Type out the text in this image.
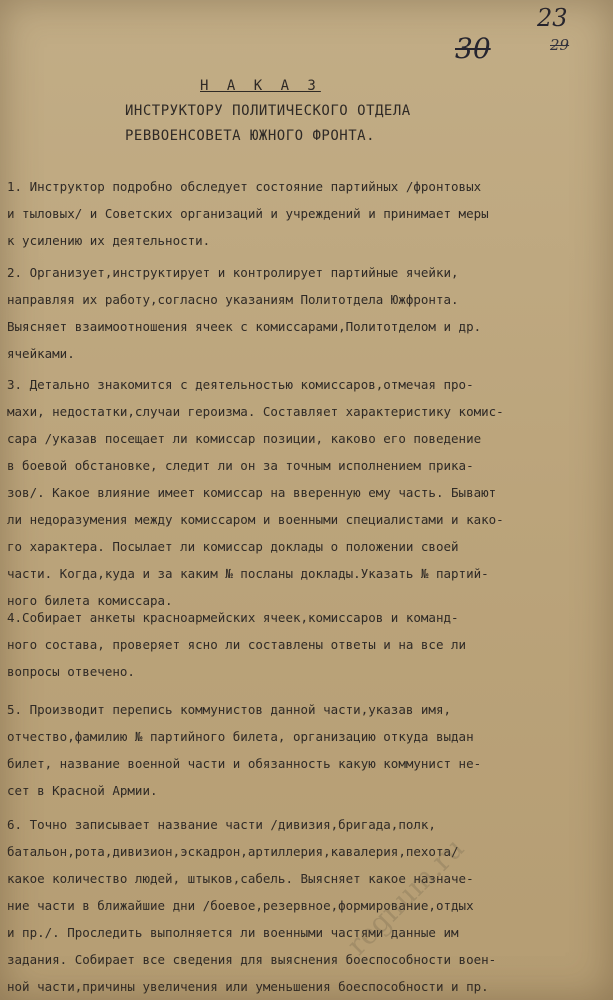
23
29
30
Н А К А З
ИНСТРУКТОРУ ПОЛИТИЧЕСКОГО ОТДЕЛА
РЕВВОЕНСОВЕТА ЮЖНОГО ФРОНТА.
1. Инструктор подробно обследует состояние партийных /фронтовых
и тыловых/ и Советских организаций и учреждений и принимает меры
к усилению их деятельности.
2. Организует,инструктирует и контролирует партийные ячейки,
направляя их работу,согласно указаниям Политотдела Южфронта.
Выясняет взаимоотношения ячеек с комиссарами,Политотделом и др.
ячейками.
3. Детально знакомится с деятельностью комиссаров,отмечая про-
махи, недостатки,случаи героизма. Составляет характеристику комис-
сара /указав посещает ли комиссар позиции, каково его поведение
в боевой обстановке, следит ли он за точным исполнением прика-
зов/. Какое влияние имеет комиссар на вверенную ему часть. Бывают
ли недоразумения между комиссаром и военными специалистами и како-
го характера. Посылает ли комиссар доклады о положении своей
части. Когда,куда и за каким № посланы доклады.Указать № партий-
ного билета комиссара.
4.Собирает анкеты красноармейских ячеек,комиссаров и команд-
ного состава, проверяет ясно ли составлены ответы и на все ли
вопросы отвечено.
5. Производит перепись коммунистов данной части,указав имя,
отчество,фамилию № партийного билета, организацию откуда выдан
билет, название военной части и обязанность какую коммунист не-
сет в Красной Армии.
6. Точно записывает название части /дивизия,бригада,полк,
батальон,рота,дивизион,эскадрон,артиллерия,кавалерия,пехота/
какое количество людей, штыков,сабель. Выясняет какое назначе-
ние части в ближайшие дни /боевое,резервное,формирование,отдых
и пр./. Проследить выполняется ли военными частями данные им
задания. Собирает все сведения для выяснения боеспособности воен-
ной части,причины увеличения или уменьшения боеспособности и пр.
regnum.ru
